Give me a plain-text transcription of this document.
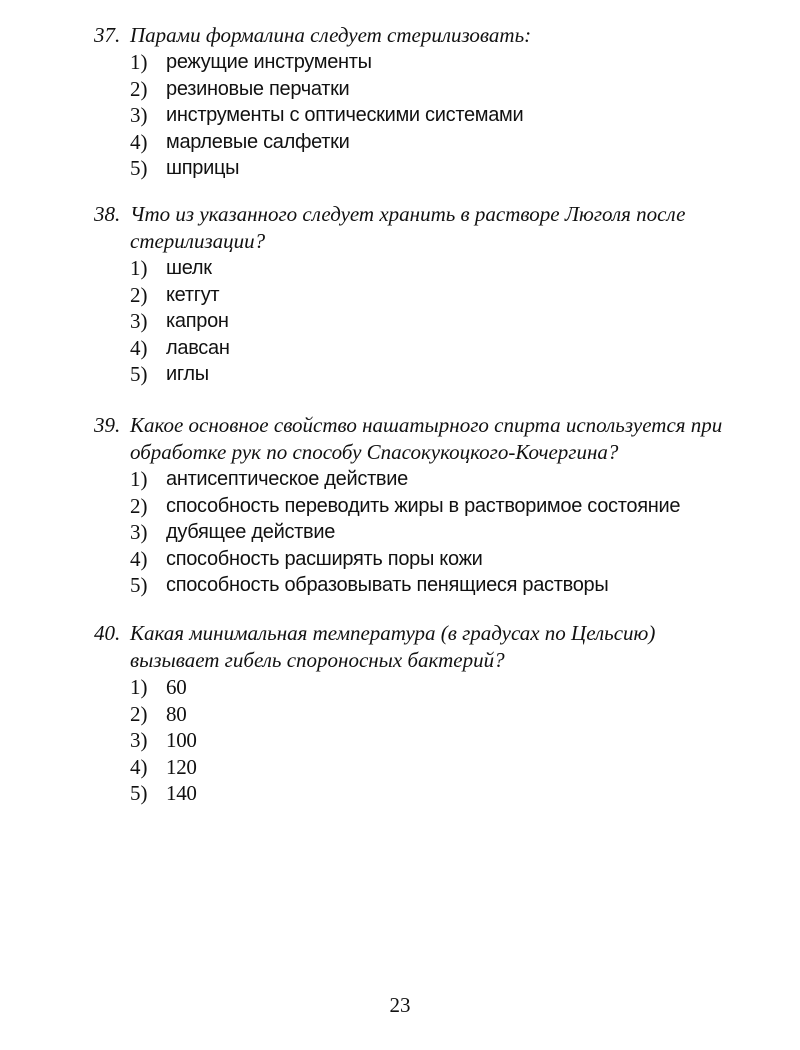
37. Парами формалина следует стерилизовать:
1) режущие инструменты
2) резиновые перчатки
3) инструменты с оптическими системами
4) марлевые салфетки
5) шприцы
38. Что из указанного следует хранить в растворе Люголя после стерилизации?
1) шелк
2) кетгут
3) капрон
4) лавсан
5) иглы
39. Какое основное свойство нашатырного спирта используется при обработке рук по способу Спасокукоцкого-Кочергина?
1) антисептическое действие
2) способность переводить жиры в растворимое состояние
3) дубящее действие
4) способность расширять поры кожи
5) способность образовывать пенящиеся растворы
40. Какая минимальная температура (в градусах по Цельсию) вызывает гибель спороносных бактерий?
1) 60
2) 80
3) 100
4) 120
5) 140
23
